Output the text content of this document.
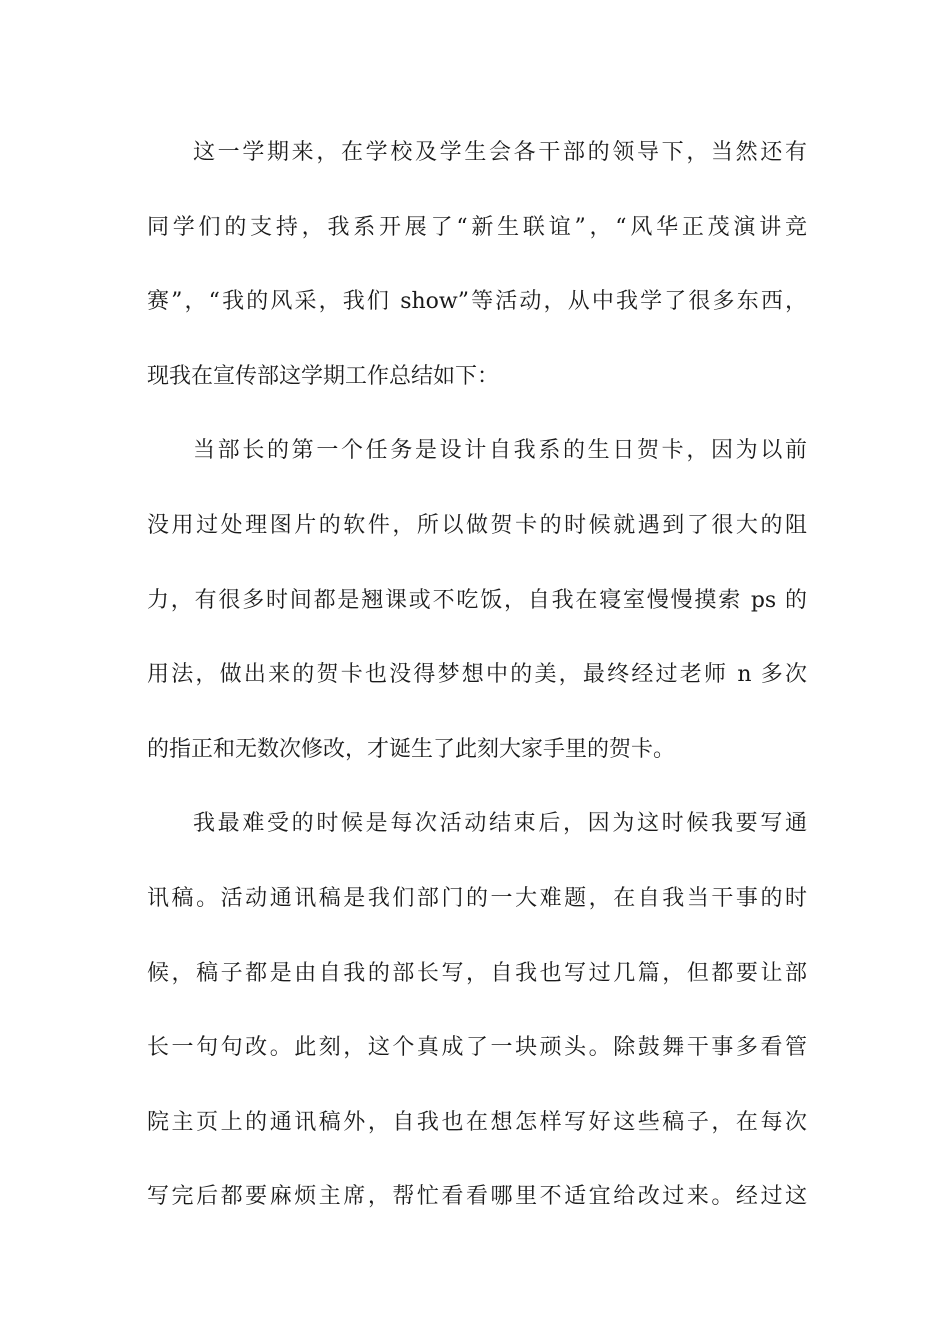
这一学期来，在学校及学生会各干部的领导下，当然还有
同学们的支持，我系开展了“新生联谊”，“风华正茂演讲竞
赛”，“我的风采，我们 show”等活动，从中我学了很多东西，
现我在宣传部这学期工作总结如下：
当部长的第一个任务是设计自我系的生日贺卡，因为以前
没用过处理图片的软件，所以做贺卡的时候就遇到了很大的阻
力，有很多时间都是翘课或不吃饭，自我在寝室慢慢摸索 ps 的
用法，做出来的贺卡也没得梦想中的美，最终经过老师 n 多次
的指正和无数次修改，才诞生了此刻大家手里的贺卡。
我最难受的时候是每次活动结束后，因为这时候我要写通
讯稿。活动通讯稿是我们部门的一大难题，在自我当干事的时
候，稿子都是由自我的部长写，自我也写过几篇，但都要让部
长一句句改。此刻，这个真成了一块顽头。除鼓舞干事多看管
院主页上的通讯稿外，自我也在想怎样写好这些稿子，在每次
写完后都要麻烦主席，帮忙看看哪里不适宜给改过来。经过这
